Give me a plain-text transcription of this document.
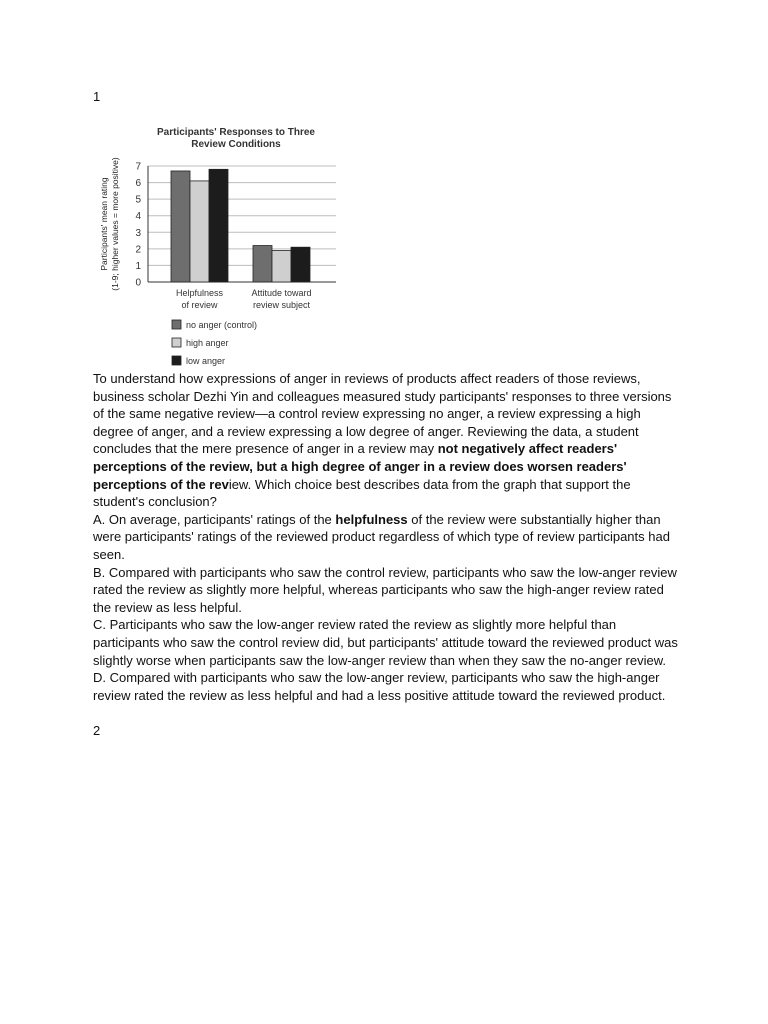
1
Participants' Responses to Three
Review Conditions
0
1
2
3
4
5
6
7
Participants' mean rating (1-9; higher values = more positive)
Helpfulness
of review
Attitude toward
review subject
no anger (control)
high anger
low anger

To understand how expressions of anger in reviews of products affect readers of those reviews, business scholar Dezhi Yin and colleagues measured study participants' responses to three versions of the same negative review—a control review expressing no anger, a review expressing a high degree of anger, and a review expressing a low degree of anger. Reviewing the data, a student concludes that the mere presence of anger in a review may not negatively affect readers' perceptions of the review, but a high degree of anger in a review does worsen readers' perceptions of the review. Which choice best describes data from the graph that support the student's conclusion?

A. On average, participants' ratings of the helpfulness of the review were substantially higher than were participants' ratings of the reviewed product regardless of which type of review participants had seen.

B. Compared with participants who saw the control review, participants who saw the low-anger review rated the review as slightly more helpful, whereas participants who saw the high-anger review rated the review as less helpful.

C. Participants who saw the low-anger review rated the review as slightly more helpful than participants who saw the control review did, but participants' attitude toward the reviewed product was slightly worse when participants saw the low-anger review than when they saw the no-anger review.

D. Compared with participants who saw the low-anger review, participants who saw the high-anger review rated the review as less helpful and had a less positive attitude toward the reviewed product.

2
